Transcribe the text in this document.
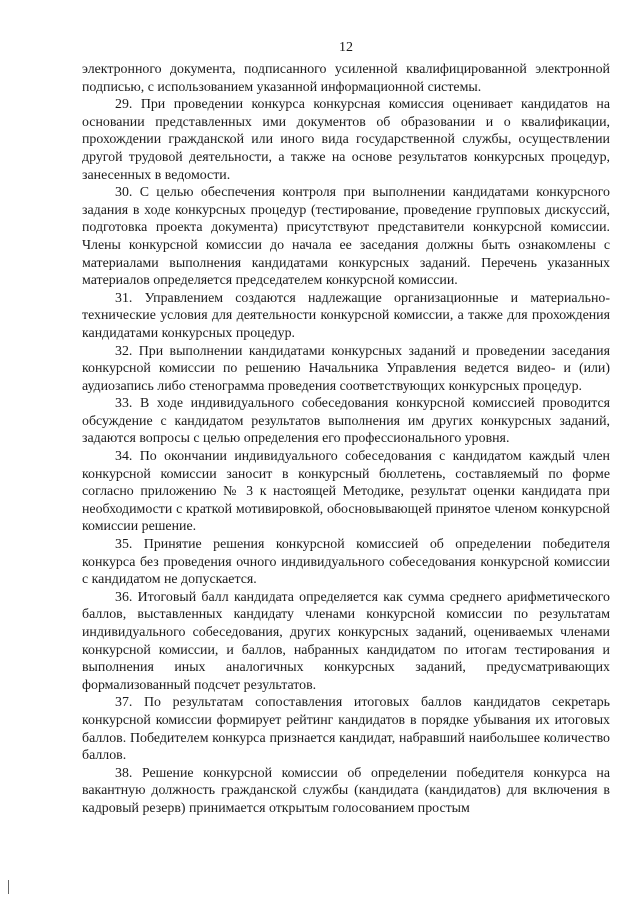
12

электронного документа, подписанного усиленной квалифицированной электронной подписью, с использованием указанной информационной системы.

29. При проведении конкурса конкурсная комиссия оценивает кандидатов на основании представленных ими документов об образовании и о квалификации, прохождении гражданской или иного вида государственной службы, осуществлении другой трудовой деятельности, а также на основе результатов конкурсных процедур, занесенных в ведомости.

30. С целью обеспечения контроля при выполнении кандидатами конкурсного задания в ходе конкурсных процедур (тестирование, проведение групповых дискуссий, подготовка проекта документа) присутствуют представители конкурсной комиссии. Члены конкурсной комиссии до начала ее заседания должны быть ознакомлены с материалами выполнения кандидатами конкурсных заданий. Перечень указанных материалов определяется председателем конкурсной комиссии.

31. Управлением создаются надлежащие организационные и материально-технические условия для деятельности конкурсной комиссии, а также для прохождения кандидатами конкурсных процедур.

32. При выполнении кандидатами конкурсных заданий и проведении заседания конкурсной комиссии по решению Начальника Управления ведется видео- и (или) аудиозапись либо стенограмма проведения соответствующих конкурсных процедур.

33. В ходе индивидуального собеседования конкурсной комиссией проводится обсуждение с кандидатом результатов выполнения им других конкурсных заданий, задаются вопросы с целью определения его профессионального уровня.

34. По окончании индивидуального собеседования с кандидатом каждый член конкурсной комиссии заносит в конкурсный бюллетень, составляемый по форме согласно приложению № 3 к настоящей Методике, результат оценки кандидата при необходимости с краткой мотивировкой, обосновывающей принятое членом конкурсной комиссии решение.

35. Принятие решения конкурсной комиссией об определении победителя конкурса без проведения очного индивидуального собеседования конкурсной комиссии с кандидатом не допускается.

36. Итоговый балл кандидата определяется как сумма среднего арифметического баллов, выставленных кандидату членами конкурсной комиссии по результатам индивидуального собеседования, других конкурсных заданий, оцениваемых членами конкурсной комиссии, и баллов, набранных кандидатом по итогам тестирования и выполнения иных аналогичных конкурсных заданий, предусматривающих формализованный подсчет результатов.

37. По результатам сопоставления итоговых баллов кандидатов секретарь конкурсной комиссии формирует рейтинг кандидатов в порядке убывания их итоговых баллов. Победителем конкурса признается кандидат, набравший наибольшее количество баллов.

38. Решение конкурсной комиссии об определении победителя конкурса на вакантную должность гражданской службы (кандидата (кандидатов) для включения в кадровый резерв) принимается открытым голосованием простым
